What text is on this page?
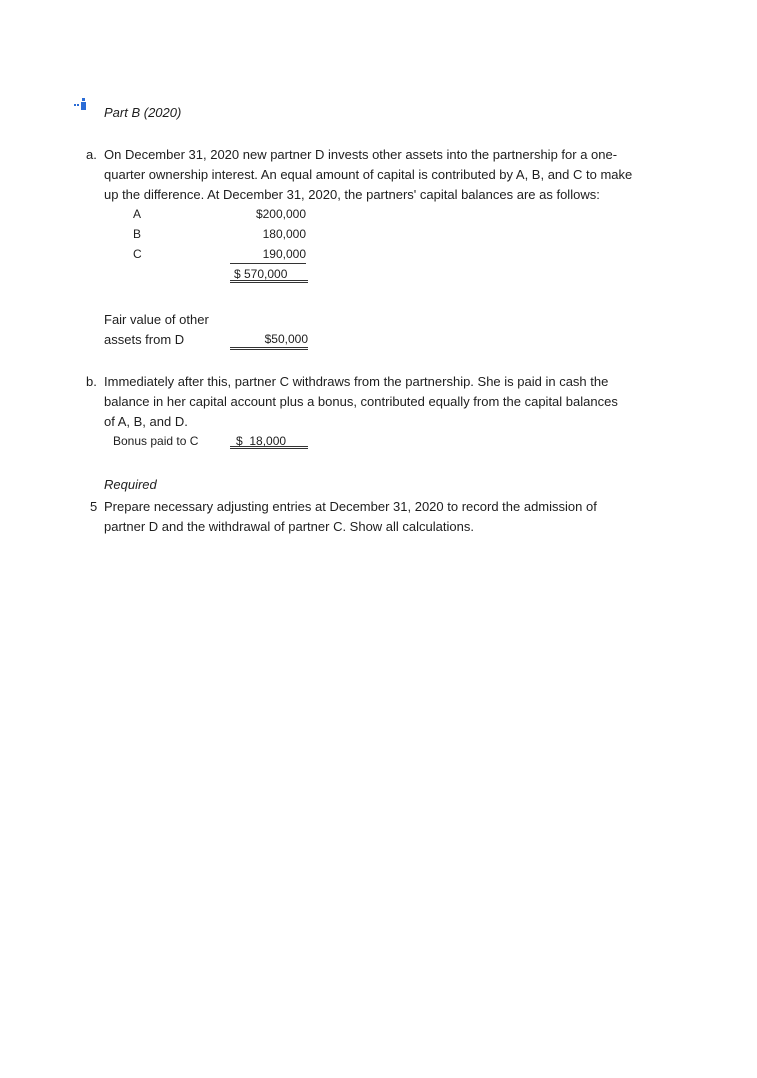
Part B (2020)
a. On December 31, 2020 new partner D invests other assets into the partnership for a one-
quarter ownership interest. An equal amount of capital is contributed by A, B, and C to make
up the difference. At December 31, 2020, the partners' capital balances are as follows:
A	$200,000
B	180,000
C	190,000
$ 570,000
Fair value of other
assets from D	$50,000
b. Immediately after this, partner C withdraws from the partnership. She is paid in cash the
balance in her capital account plus a bonus, contributed equally from the capital balances
of A, B, and D.
Bonus paid to C	$  18,000
Required
5 Prepare necessary adjusting entries at December 31, 2020 to record the admission of
partner D and the withdrawal of partner C. Show all calculations.
